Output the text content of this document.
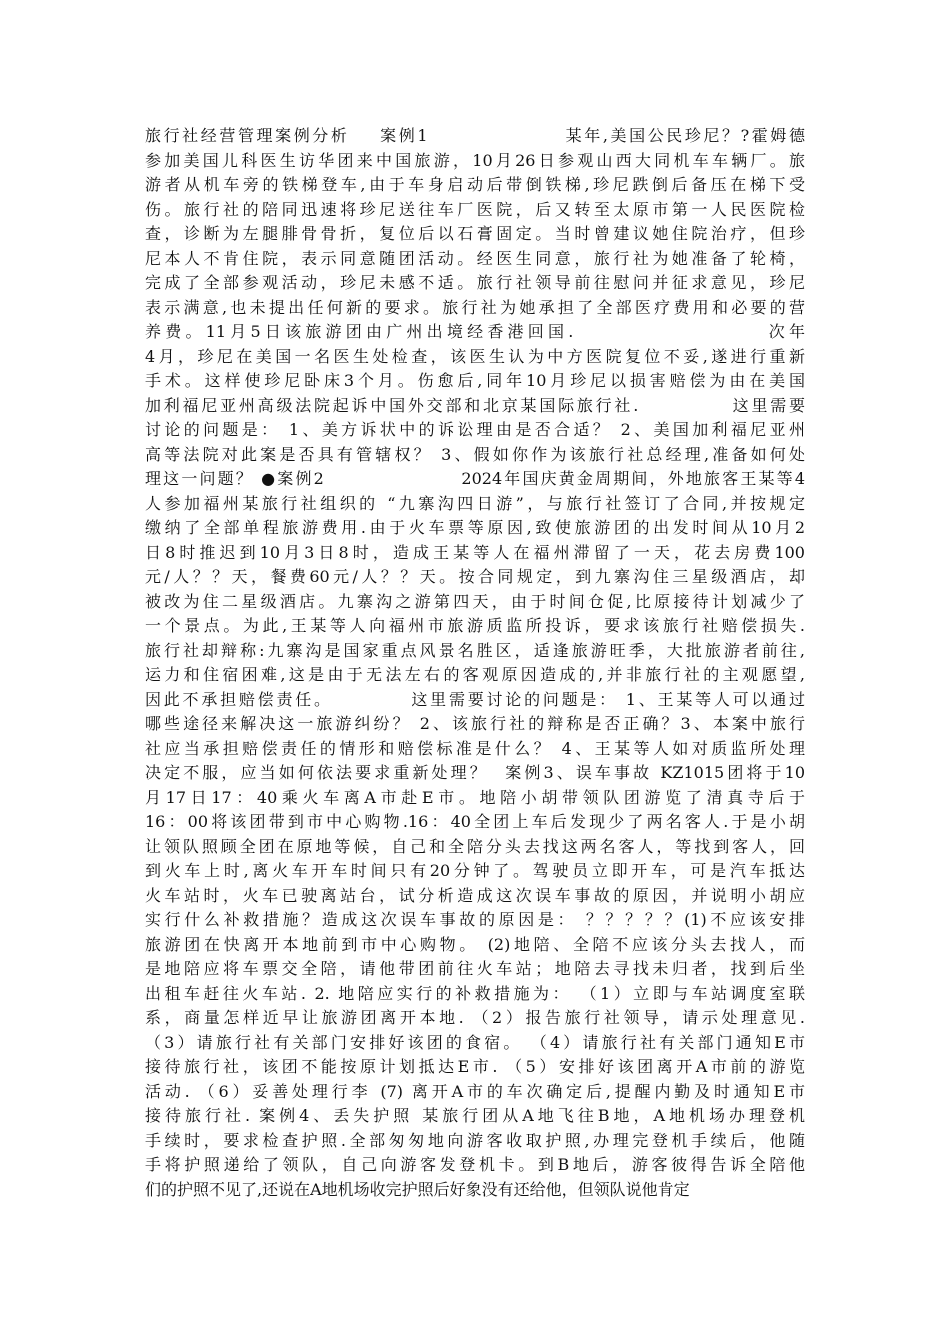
旅行社经营管理案例分析    案例1                  某年,美国公民珍尼？?霍姆德
参加美国儿科医生访华团来中国旅游，10月26日参观山西大同机车车辆厂。旅
游者从机车旁的铁梯登车,由于车身启动后带倒铁梯,珍尼跌倒后备压在梯下受
伤。旅行社的陪同迅速将珍尼送往车厂医院，后又转至太原市第一人民医院检
查，诊断为左腿腓骨骨折，复位后以石膏固定。当时曾建议她住院治疗，但珍
尼本人不肯住院，表示同意随团活动。经医生同意，旅行社为她准备了轮椅，
完成了全部参观活动，珍尼未感不适。旅行社领导前往慰问并征求意见，珍尼
表示满意,也未提出任何新的要求。旅行社为她承担了全部医疗费用和必要的营
养费。11月5日该旅游团由广州出境经香港回国.                     次年
4月，珍尼在美国一名医生处检查，该医生认为中方医院复位不妥,遂进行重新
手术。这样使珍尼卧床3个月。伤愈后,同年10月珍尼以损害赔偿为由在美国
加利福尼亚州高级法院起诉中国外交部和北京某国际旅行社.            这里需要
讨论的问题是： 1、美方诉状中的诉讼理由是否合适？ 2、美国加利福尼亚州
高等法院对此案是否具有管辖权？ 3、假如你作为该旅行社总经理,准备如何处
理这一问题？ ●案例2                   2024年国庆黄金周期间，外地旅客王某等4
人参加福州某旅行社组织的 “九寨沟四日游”，与旅行社签订了合同,并按规定
缴纳了全部单程旅游费用.由于火车票等原因,致使旅游团的出发时间从10月2
日8时推迟到10月3日8时，造成王某等人在福州滞留了一天，花去房费100
元/人？？天，餐费60元/人？？天。按合同规定，到九寨沟住三星级酒店，却
被改为住二星级酒店。九寨沟之游第四天，由于时间仓促,比原接待计划减少了
一个景点。为此,王某等人向福州市旅游质监所投诉，要求该旅行社赔偿损失.
旅行社却辩称:九寨沟是国家重点风景名胜区，适逢旅游旺季，大批旅游者前往,
运力和住宿困难,这是由于无法左右的客观原因造成的,并非旅行社的主观愿望,
因此不承担赔偿责任。          这里需要讨论的问题是： 1、王某等人可以通过
哪些途径来解决这一旅游纠纷？ 2、该旅行社的辩称是否正确？3、本案中旅行
社应当承担赔偿责任的情形和赔偿标准是什么？ 4、王某等人如对质监所处理
决定不服，应当如何依法要求重新处理？  案例3、误车事故 KZ1015团将于10
月17日17：40乘火车离A市赴E市。地陪小胡带领队团游览了清真寺后于
16：00将该团带到市中心购物.16：40全团上车后发现少了两名客人.于是小胡
让领队照顾全团在原地等候，自己和全陪分头去找这两名客人，等找到客人，回
到火车上时,离火车开车时间只有20分钟了。驾驶员立即开车，可是汽车抵达
火车站时，火车已驶离站台，试分析造成这次误车事故的原因，并说明小胡应
实行什么补救措施？造成这次误车事故的原因是： ？？？？？(1)不应该安排
旅游团在快离开本地前到市中心购物。 (2)地陪、全陪不应该分头去找人，而
是地陪应将车票交全陪，请他带团前往火车站；地陪去寻找未归者，找到后坐
出租车赶往火车站. 2. 地陪应实行的补救措施为： （1）立即与车站调度室联
系，商量怎样近早让旅游团离开本地. （2）报告旅行社领导，请示处理意见.
（3）请旅行社有关部门安排好该团的食宿。 （4）请旅行社有关部门通知E市
接待旅行社，该团不能按原计划抵达E市. （5）安排好该团离开A市前的游览
活动. （6）妥善处理行李 (7) 离开A市的车次确定后,提醒内勤及时通知E市
接待旅行社. 案例4、丢失护照 某旅行团从A地飞往B地，A地机场办理登机
手续时，要求检查护照.全部匆匆地向游客收取护照,办理完登机手续后，他随
手将护照递给了领队，自己向游客发登机卡。到B地后，游客彼得告诉全陪他
们的护照不见了,还说在A地机场收完护照后好象没有还给他，但领队说他肯定
